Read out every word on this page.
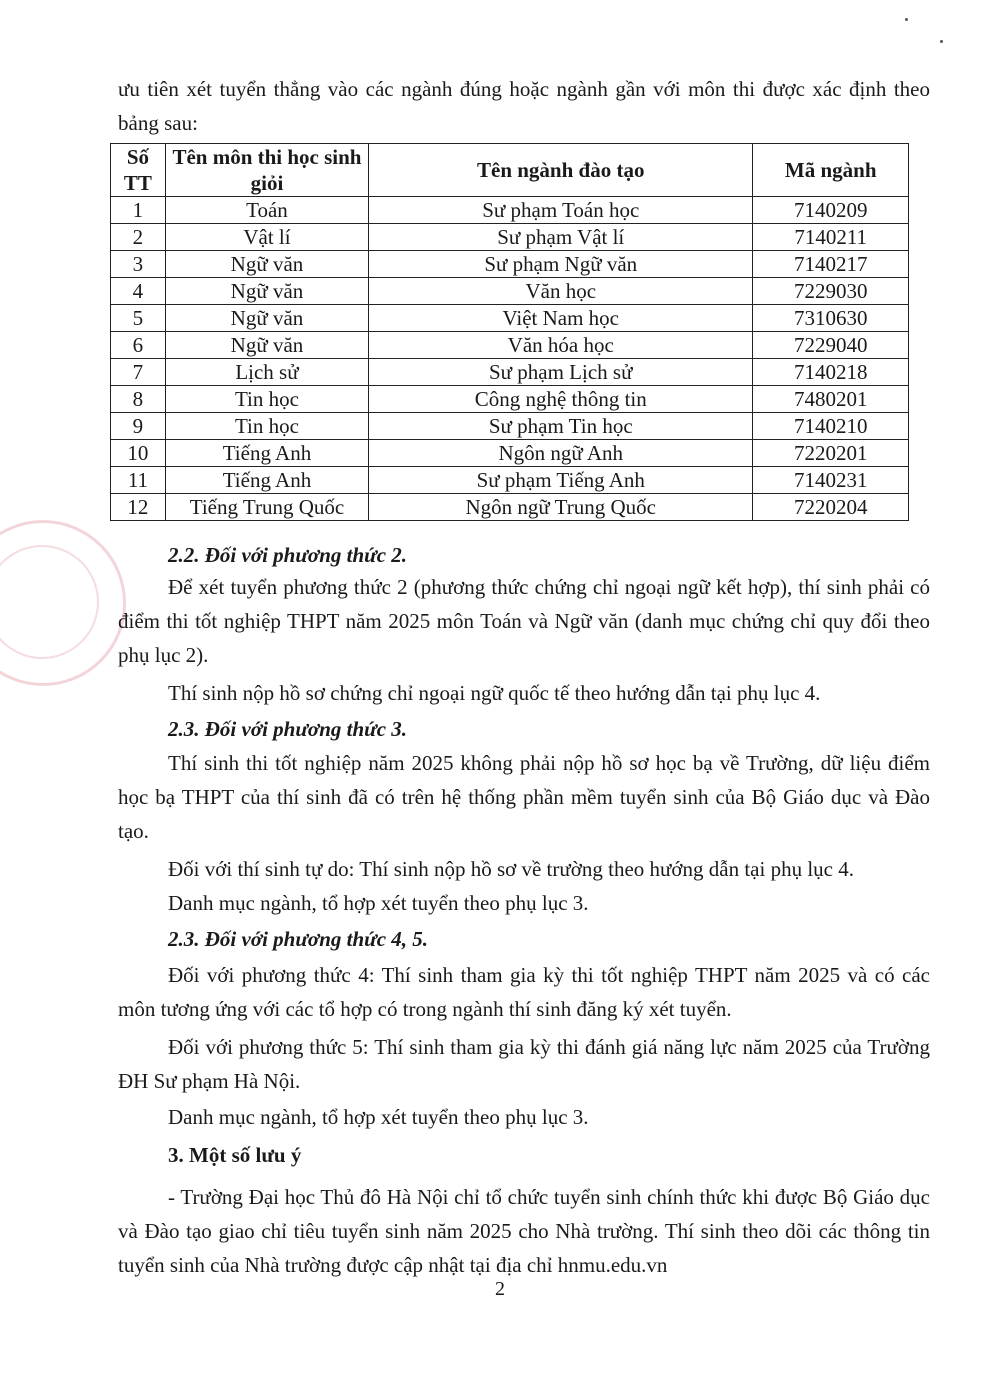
ưu tiên xét tuyển thẳng vào các ngành đúng hoặc ngành gần với môn thi được xác định theo bảng sau:

Số TT	Tên môn thi học sinh giỏi	Tên ngành đào tạo	Mã ngành
1	Toán	Sư phạm Toán học	7140209
2	Vật lí	Sư phạm Vật lí	7140211
3	Ngữ văn	Sư phạm Ngữ văn	7140217
4	Ngữ văn	Văn học	7229030
5	Ngữ văn	Việt Nam học	7310630
6	Ngữ văn	Văn hóa học	7229040
7	Lịch sử	Sư phạm Lịch sử	7140218
8	Tin học	Công nghệ thông tin	7480201
9	Tin học	Sư phạm Tin học	7140210
10	Tiếng Anh	Ngôn ngữ Anh	7220201
11	Tiếng Anh	Sư phạm Tiếng Anh	7140231
12	Tiếng Trung Quốc	Ngôn ngữ Trung Quốc	7220204

2.2. Đối với phương thức 2.

Để xét tuyển phương thức 2 (phương thức chứng chỉ ngoại ngữ kết hợp), thí sinh phải có điểm thi tốt nghiệp THPT năm 2025 môn Toán và Ngữ văn (danh mục chứng chỉ quy đổi theo phụ lục 2).

Thí sinh nộp hồ sơ chứng chỉ ngoại ngữ quốc tế theo hướng dẫn tại phụ lục 4.

2.3. Đối với phương thức 3.

Thí sinh thi tốt nghiệp năm 2025 không phải nộp hồ sơ học bạ về Trường, dữ liệu điểm học bạ THPT của thí sinh đã có trên hệ thống phần mềm tuyển sinh của Bộ Giáo dục và Đào tạo.

Đối với thí sinh tự do: Thí sinh nộp hồ sơ về trường theo hướng dẫn tại phụ lục 4.

Danh mục ngành, tổ hợp xét tuyển theo phụ lục 3.

2.3. Đối với phương thức 4, 5.

Đối với phương thức 4: Thí sinh tham gia kỳ thi tốt nghiệp THPT năm 2025 và có các môn tương ứng với các tổ hợp có trong ngành thí sinh đăng ký xét tuyển.

Đối với phương thức 5: Thí sinh tham gia kỳ thi đánh giá năng lực năm 2025 của Trường ĐH Sư phạm Hà Nội.

Danh mục ngành, tổ hợp xét tuyển theo phụ lục 3.

3. Một số lưu ý

- Trường Đại học Thủ đô Hà Nội chỉ tổ chức tuyển sinh chính thức khi được Bộ Giáo dục và Đào tạo giao chỉ tiêu tuyển sinh năm 2025 cho Nhà trường. Thí sinh theo dõi các thông tin tuyển sinh của Nhà trường được cập nhật tại địa chỉ hnmu.edu.vn

2
